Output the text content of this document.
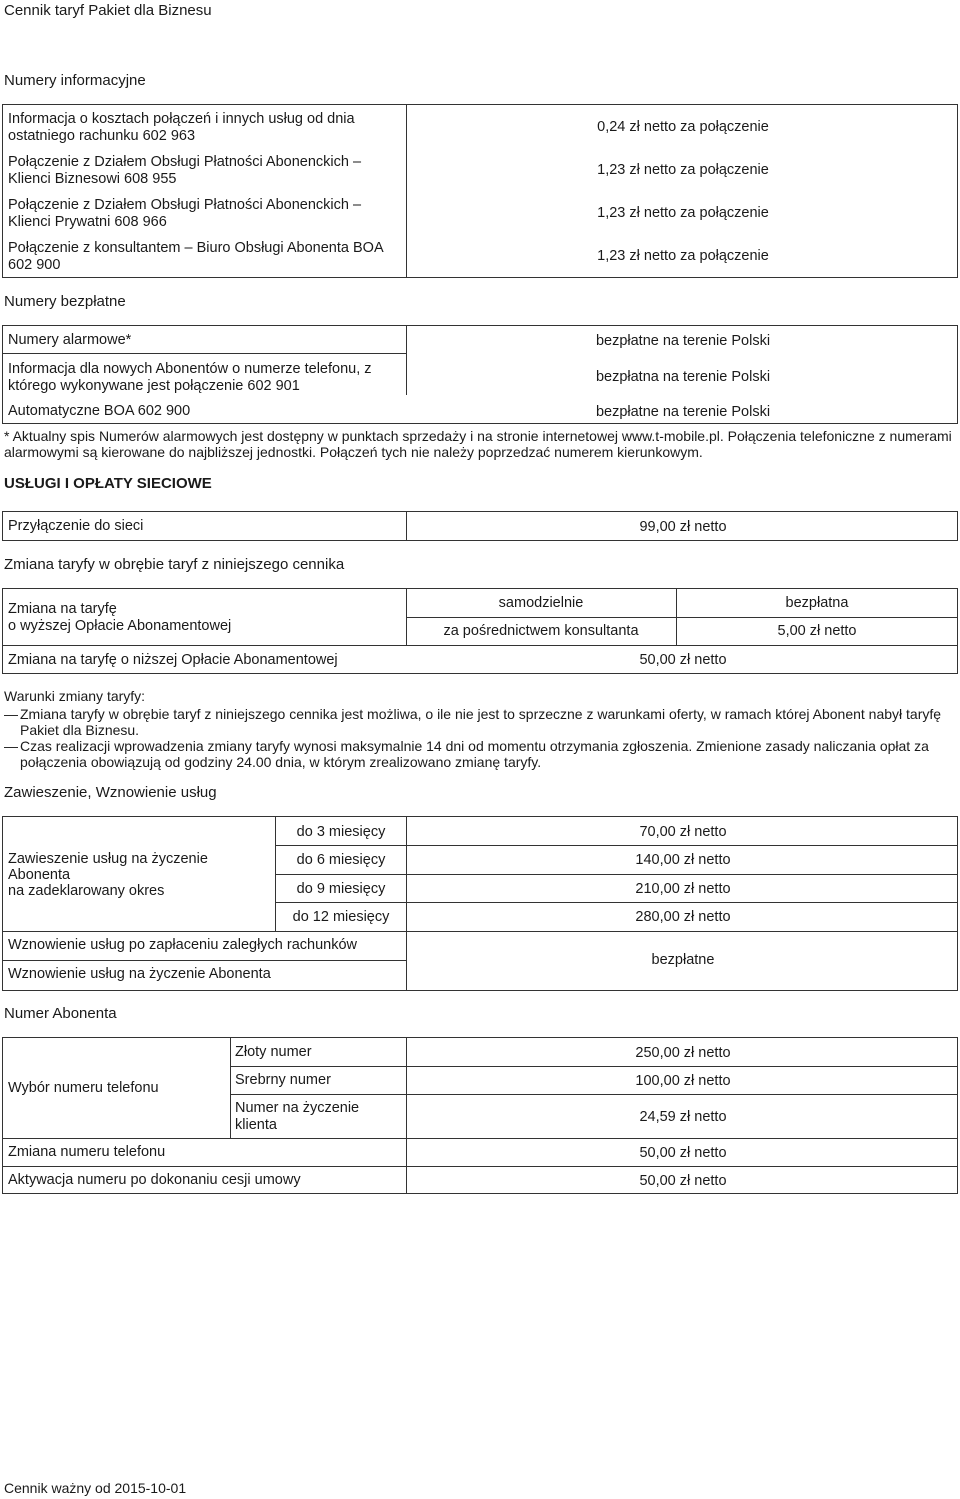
Cennik taryf Pakiet dla Biznesu
Numery informacyjne
Informacja o kosztach połączeń i innych usług od dnia ostatniego rachunku 602 963
0,24 zł netto za połączenie
Połączenie z Działem Obsługi Płatności Abonenckich – Klienci Biznesowi 608 955
1,23 zł netto za połączenie
Połączenie z Działem Obsługi Płatności Abonenckich – Klienci Prywatni 608 966
1,23 zł netto za połączenie
Połączenie z konsultantem – Biuro Obsługi Abonenta BOA 602 900
1,23 zł netto za połączenie
Numery bezpłatne
Numery alarmowe*	bezpłatne na terenie Polski
Informacja dla nowych Abonentów o numerze telefonu, z którego wykonywane jest połączenie 602 901
bezpłatna na terenie Polski
Automatyczne BOA 602 900	bezpłatne na terenie Polski
* Aktualny spis Numerów alarmowych jest dostępny w punktach sprzedaży i na stronie internetowej www.t-mobile.pl. Połączenia telefoniczne z numerami alarmowymi są kierowane do najbliższej jednostki. Połączeń tych nie należy poprzedzać numerem kierunkowym.
USŁUGI I OPŁATY SIECIOWE
Przyłączenie do sieci	99,00 zł netto
Zmiana taryfy w obrębie taryf z niniejszego cennika
Zmiana na taryfę
o wyższej Opłacie Abonamentowej
samodzielnie	bezpłatna
za pośrednictwem konsultanta	5,00 zł netto
Zmiana na taryfę o niższej Opłacie Abonamentowej	50,00 zł netto
Warunki zmiany taryfy:
— Zmiana taryfy w obrębie taryf z niniejszego cennika jest możliwa, o ile nie jest to sprzeczne z warunkami oferty, w ramach której Abonent nabył taryfę Pakiet dla Biznesu.
— Czas realizacji wprowadzenia zmiany taryfy wynosi maksymalnie 14 dni od momentu otrzymania zgłoszenia. Zmienione zasady naliczania opłat za połączenia obowiązują od godziny 24.00 dnia, w którym zrealizowano zmianę taryfy.
Zawieszenie, Wznowienie usług
Zawieszenie usług na życzenie
Abonenta
na zadeklarowany okres
do 3 miesięcy	70,00 zł netto
do 6 miesięcy	140,00 zł netto
do 9 miesięcy	210,00 zł netto
do 12 miesięcy	280,00 zł netto
Wznowienie usług po zapłaceniu zaległych rachunków
Wznowienie usług na życzenie Abonenta
bezpłatne
Numer Abonenta
Wybór numeru telefonu
Złoty numer	250,00 zł netto
Srebrny numer	100,00 zł netto
Numer na życzenie klienta	24,59 zł netto
Zmiana numeru telefonu	50,00 zł netto
Aktywacja numeru po dokonaniu cesji umowy	50,00 zł netto
Cennik ważny od 2015-10-01
